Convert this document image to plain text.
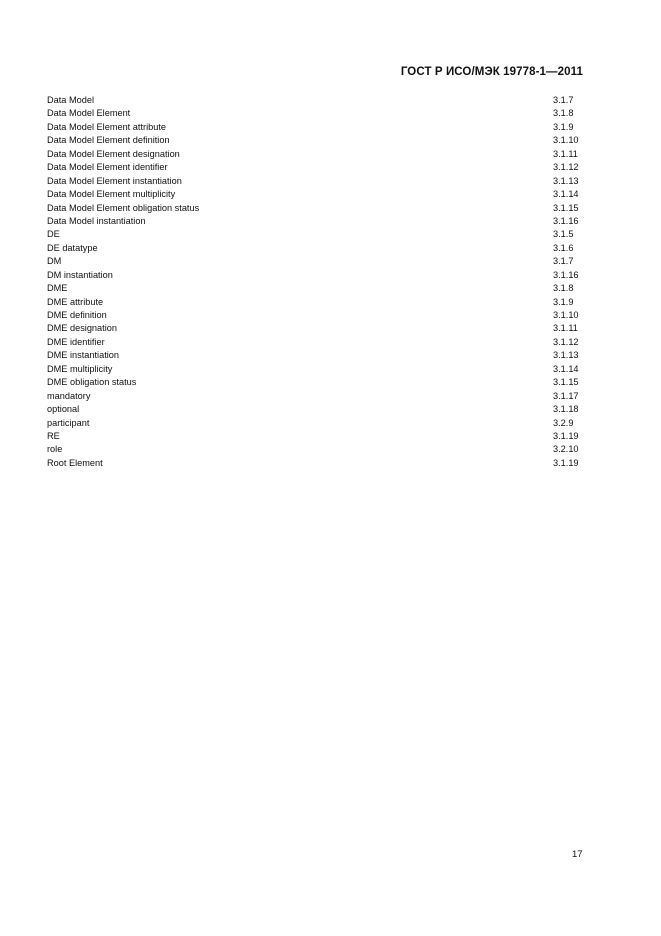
ГОСТ Р ИСО/МЭК 19778-1—2011
Data Model	3.1.7
Data Model Element	3.1.8
Data Model Element attribute	3.1.9
Data Model Element definition	3.1.10
Data Model Element designation	3.1.11
Data Model Element identifier	3.1.12
Data Model Element instantiation	3.1.13
Data Model Element multiplicity	3.1.14
Data Model Element obligation status	3.1.15
Data Model instantiation	3.1.16
DE	3.1.5
DE datatype	3.1.6
DM	3.1.7
DM instantiation	3.1.16
DME	3.1.8
DME attribute	3.1.9
DME definition	3.1.10
DME designation	3.1.11
DME identifier	3.1.12
DME instantiation	3.1.13
DME multiplicity	3.1.14
DME obligation status	3.1.15
mandatory	3.1.17
optional	3.1.18
participant	3.2.9
RE	3.1.19
role	3.2.10
Root Element	3.1.19
17
